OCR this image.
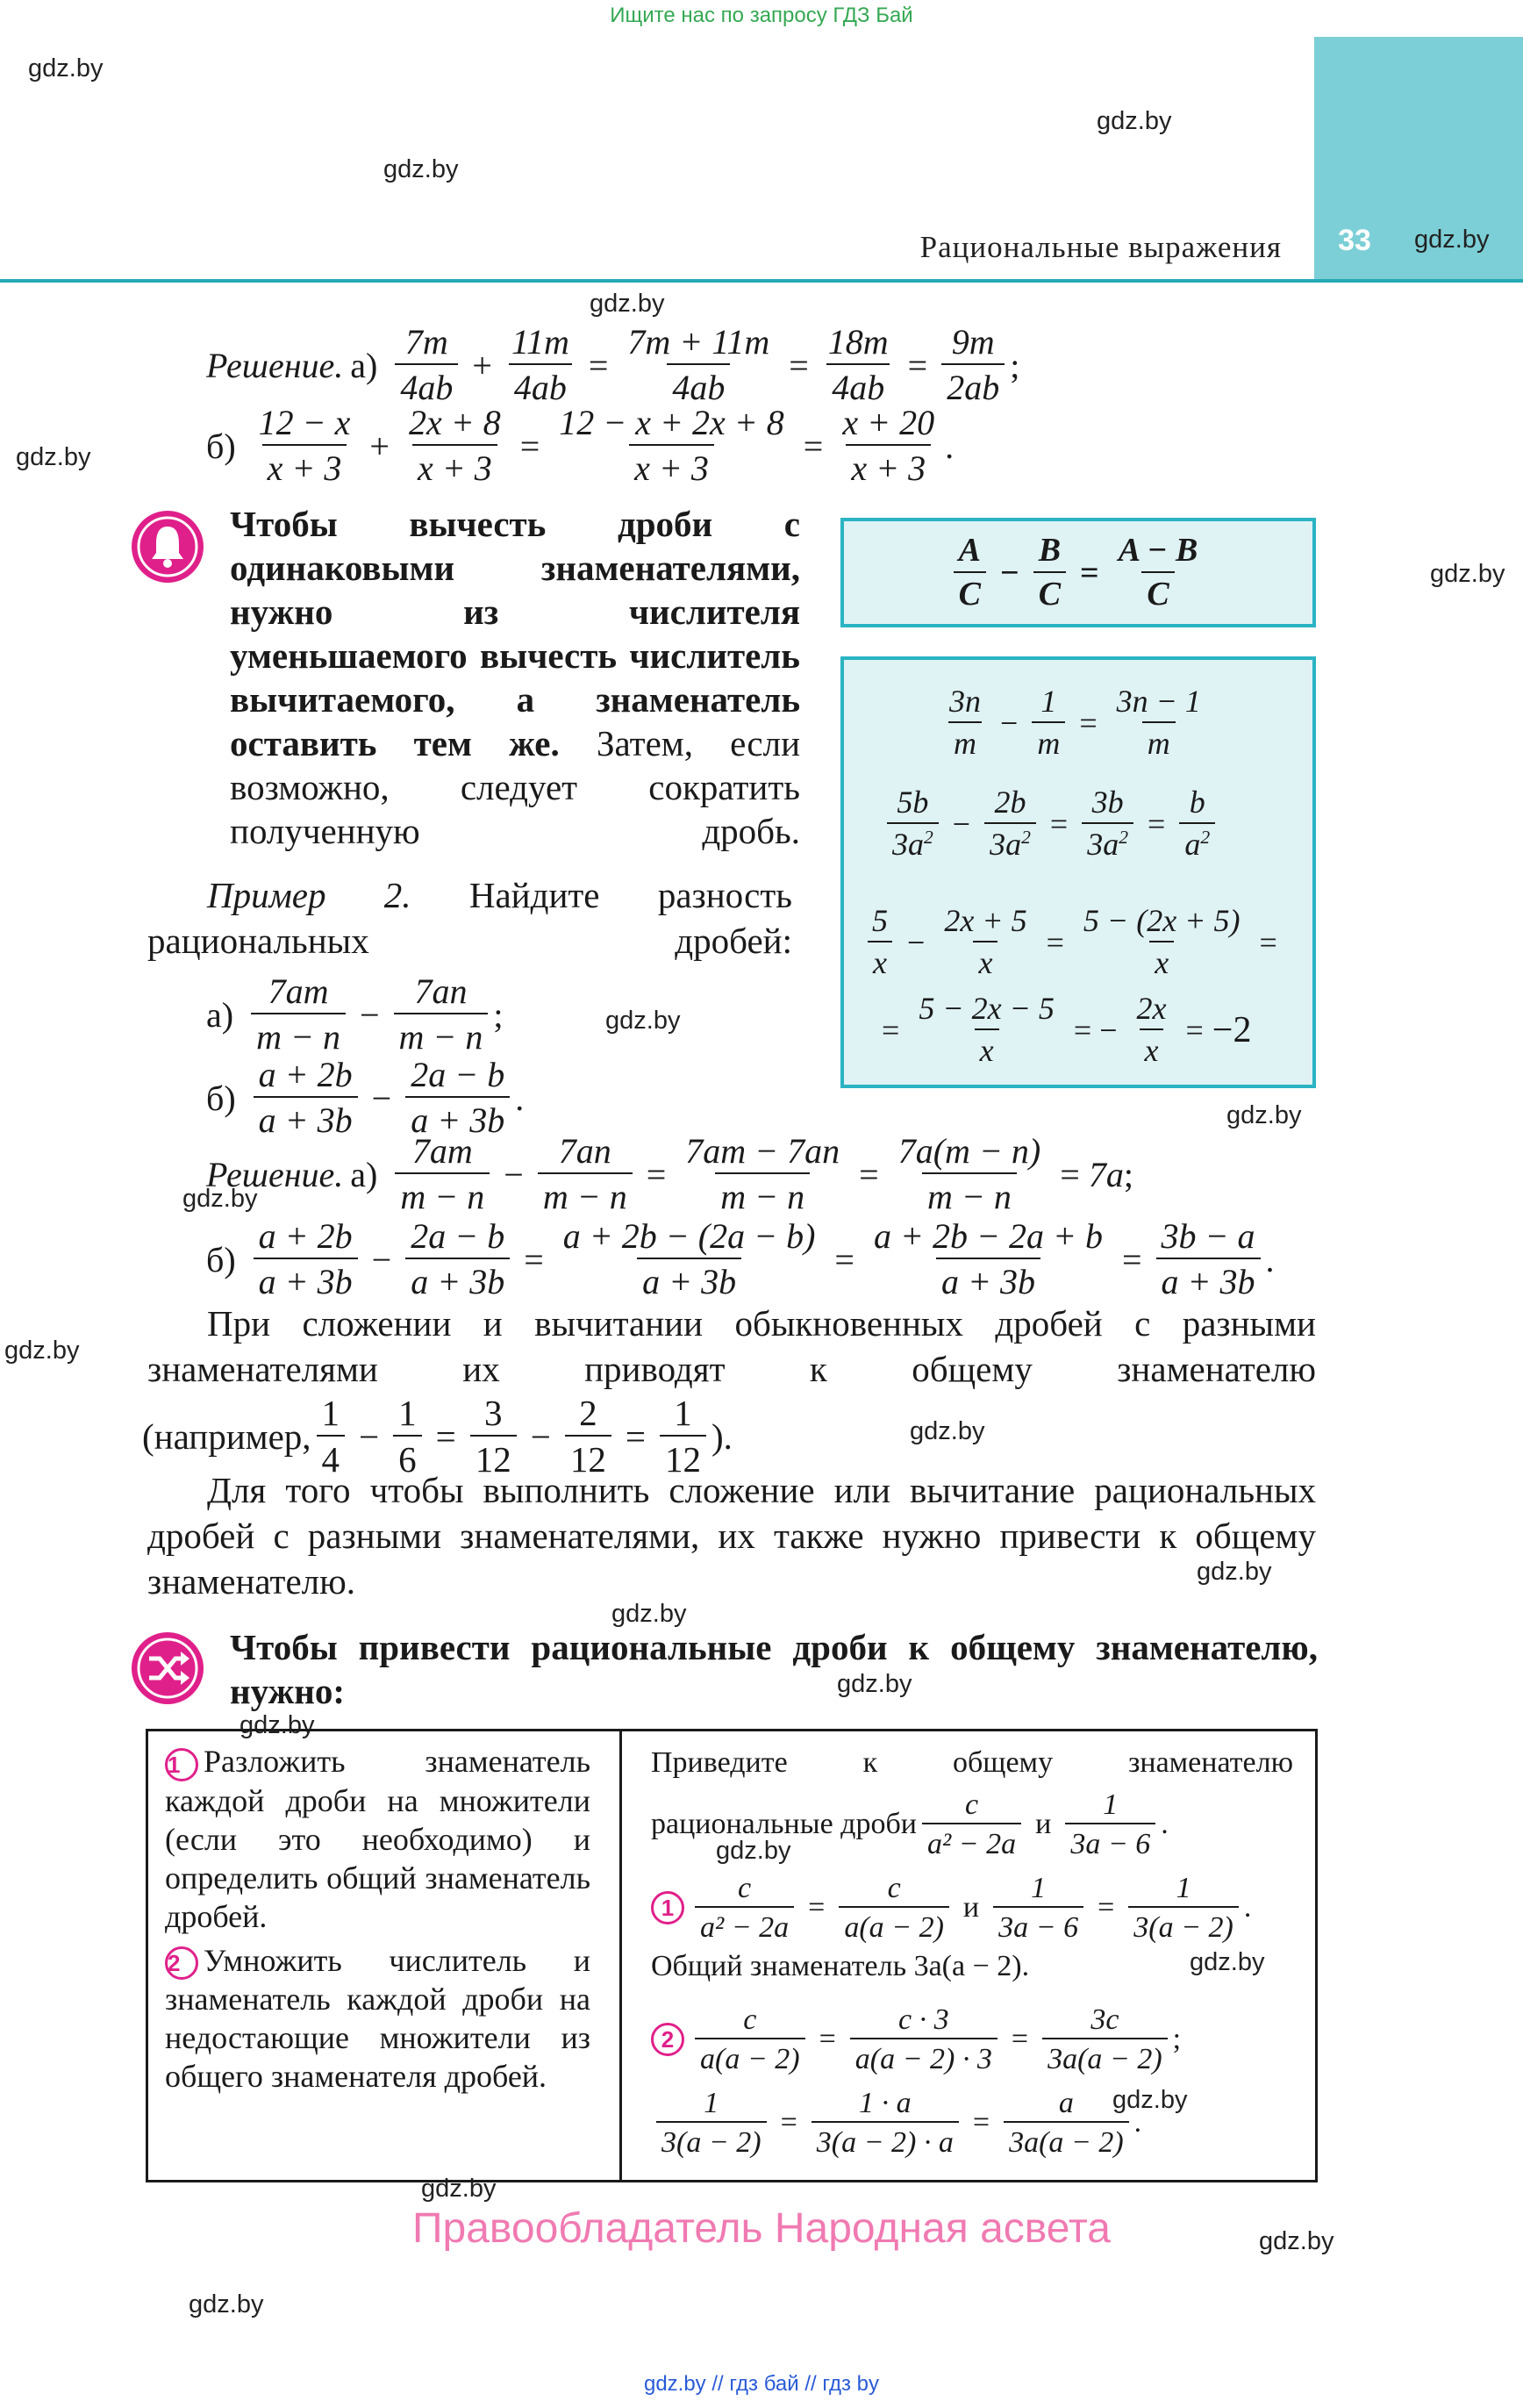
Ищите нас по запросу ГДЗ Бай
33
Рациональные выражения
gdz.by
gdz.by
gdz.by
gdz.by
gdz.by
gdz.by
gdz.by
gdz.by
gdz.by
gdz.by
gdz.by
gdz.by
gdz.by
gdz.by
gdz.by
gdz.by
gdz.by
gdz.by
gdz.by
gdz.by
gdz.by
gdz.by
Решение. $а) \frac{7m}{4ab} + \frac{11m}{4ab} = \frac{7m + 11m}{4ab} = \frac{18m}{4ab} = \frac{9m}{2ab}$ ;
$б) \frac{12 - x}{x + 3} + \frac{2x + 8}{x + 3} = \frac{12 - x + 2x + 8}{x + 3} = \frac{x + 20}{x + 3}$ .
Чтобы вычесть дроби с одинаковыми знаменателями, нужно из числителя уменьшаемого вычесть числитель вычитаемого, а знаменатель оставить тем же. Затем, если возможно, следует сократить полученную дробь.
$\frac{A}{C} - \frac{B}{C} = \frac{A - B}{C}$
$\frac{3n}{m} - \frac{1}{m} = \frac{3n - 1}{m}$
$\frac{5b}{3a^2} - \frac{2b}{3a^2} = \frac{3b}{3a^2} = \frac{b}{a^2}$
$\frac{5}{x} - \frac{2x + 5}{x} = \frac{5 - (2x + 5)}{x}$ =
= $\frac{5 - 2x - 5}{x}$ = − $\frac{2x}{x} = -2$
Пример 2. Найдите разность рациональных дробей:
$а) \frac{7am}{m - n} - \frac{7an}{m - n}$ ;
$б) \frac{a + 2b}{a + 3b} - \frac{2a - b}{a + 3b}$ .
Решение. $а) \frac{7am}{m - n} - \frac{7an}{m - n} = \frac{7am - 7an}{m - n} = \frac{7a(m - n)}{m - n} = 7a$ ;
$б) \frac{a + 2b}{a + 3b} - \frac{2a - b}{a + 3b} = \frac{a + 2b - (2a - b)}{a + 3b} = \frac{a + 2b - 2a + b}{a + 3b} = \frac{3b - a}{a + 3b}$ .
При сложении и вычитании обыкновенных дробей с разными знаменателями их приводят к общему знаменателю
(например, $\frac{1}{4} - \frac{1}{6} = \frac{3}{12} - \frac{2}{12} = \frac{1}{12}$ ).
Для того чтобы выполнить сложение или вычитание рациональных дробей с разными знаменателями, их также нужно привести к общему знаменателю.
Чтобы привести рациональные дроби к общему знаменателю, нужно:

1 Разложить знаменатель каждой дроби на множители (если это необходимо) и определить общий знаменатель дробей.

2 Умножить числитель и знаменатель каждой дроби на недостающие множители из общего знаменателя дробей.

Приведите к общему знаменателю
рациональные дроби $\frac{c}{\text{a² − 2a}}$ и $\frac{1}{3a - 6}$ .
$1 \frac{c}{\text{a² − 2a}} = \frac{c}{a(a - 2)}$ и $\frac{1}{3a - 6} = \frac{1}{3(a - 2)}$ .
Общий знаменатель 3a(a − 2).
$2 \frac{c}{a(a - 2)} = \frac{c \cdot 3}{a(a - 2) \cdot 3} = \frac{3c}{3a(a - 2)}$ ;
$\frac{1}{3(a - 2)} = \frac{1 \cdot a}{3(a - 2) \cdot a} = \frac{a}{3a(a - 2)}$ .
Правообладатель Народная асвета
gdz.by // гдз бай // гдз by
